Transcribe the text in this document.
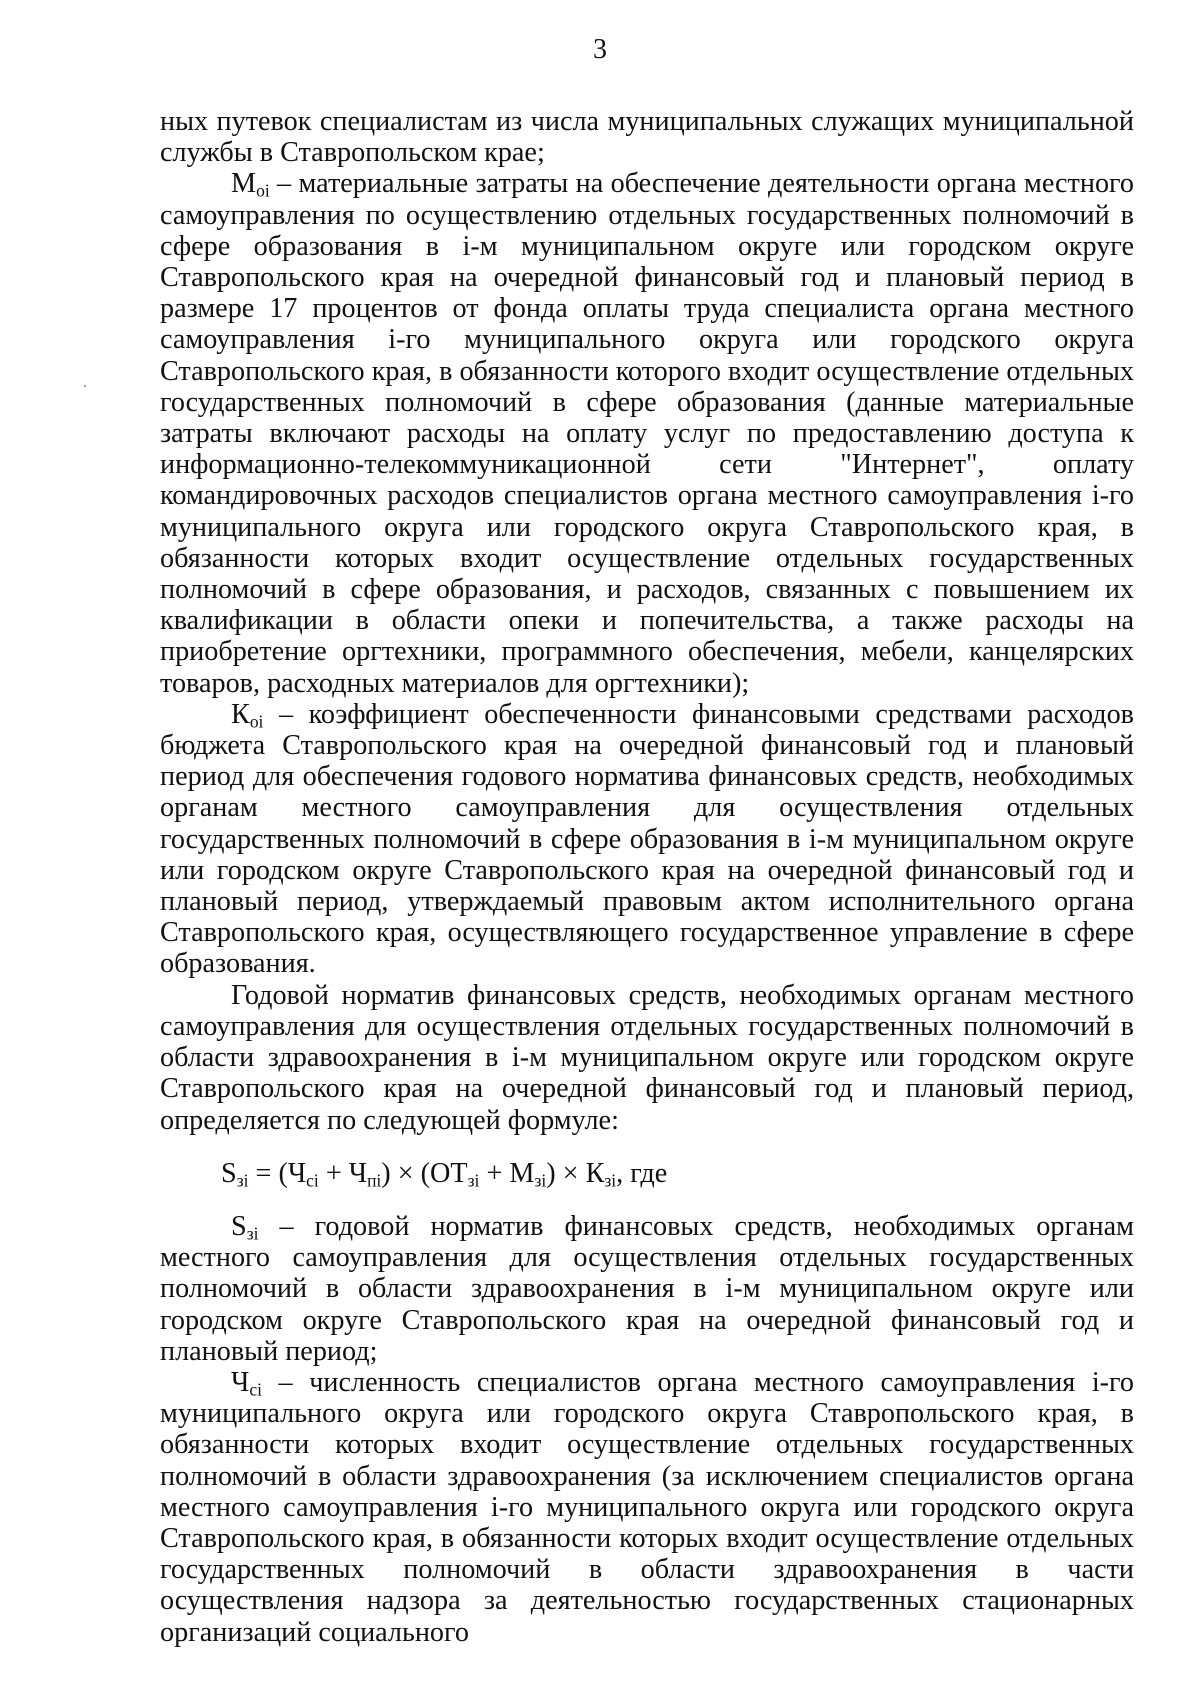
3

ных путевок специалистам из числа муниципальных служащих муниципальной службы в Ставропольском крае;

$М_{oi}$ – материальные затраты на обеспечение деятельности органа местного самоуправления по осуществлению отдельных государственных полномочий в сфере образования в i-м муниципальном округе или городском округе Ставропольского края на очередной финансовый год и плановый период в размере 17 процентов от фонда оплаты труда специалиста органа местного самоуправления i-го муниципального округа или городского округа Ставропольского края, в обязанности которого входит осуществление отдельных государственных полномочий в сфере образования (данные материальные затраты включают расходы на оплату услуг по предоставлению доступа к информационно-телекоммуникационной сети "Интернет", оплату командировочных расходов специалистов органа местного самоуправления i-го муниципального округа или городского округа Ставропольского края, в обязанности которых входит осуществление отдельных государственных полномочий в сфере образования, и расходов, связанных с повышением их квалификации в области опеки и попечительства, а также расходы на приобретение оргтехники, программного обеспечения, мебели, канцелярских товаров, расходных материалов для оргтехники);

$К_{oi}$ – коэффициент обеспеченности финансовыми средствами расходов бюджета Ставропольского края на очередной финансовый год и плановый период для обеспечения годового норматива финансовых средств, необходимых органам местного самоуправления для осуществления отдельных государственных полномочий в сфере образования в i-м муниципальном округе или городском округе Ставропольского края на очередной финансовый год и плановый период, утверждаемый правовым актом исполнительного органа Ставропольского края, осуществляющего государственное управление в сфере образования.

Годовой норматив финансовых средств, необходимых органам местного самоуправления для осуществления отдельных государственных полномочий в области здравоохранения в i-м муниципальном округе или городском округе Ставропольского края на очередной финансовый год и плановый период, определяется по следующей формуле:

$S_{зi} = (Ч_{ci} + Ч_{пi}) \times (ОТ_{зi} + М_{зi}) \times К_{зi}$, где

$S_{зi}$ – годовой норматив финансовых средств, необходимых органам местного самоуправления для осуществления отдельных государственных полномочий в области здравоохранения в i-м муниципальном округе или городском округе Ставропольского края на очередной финансовый год и плановый период;

$Ч_{ci}$ – численность специалистов органа местного самоуправления i-го муниципального округа или городского округа Ставропольского края, в обязанности которых входит осуществление отдельных государственных полномочий в области здравоохранения (за исключением специалистов органа местного самоуправления i-го муниципального округа или городского округа Ставропольского края, в обязанности которых входит осуществление отдельных государственных полномочий в области здравоохранения в части осуществления надзора за деятельностью государственных стационарных организаций социального
